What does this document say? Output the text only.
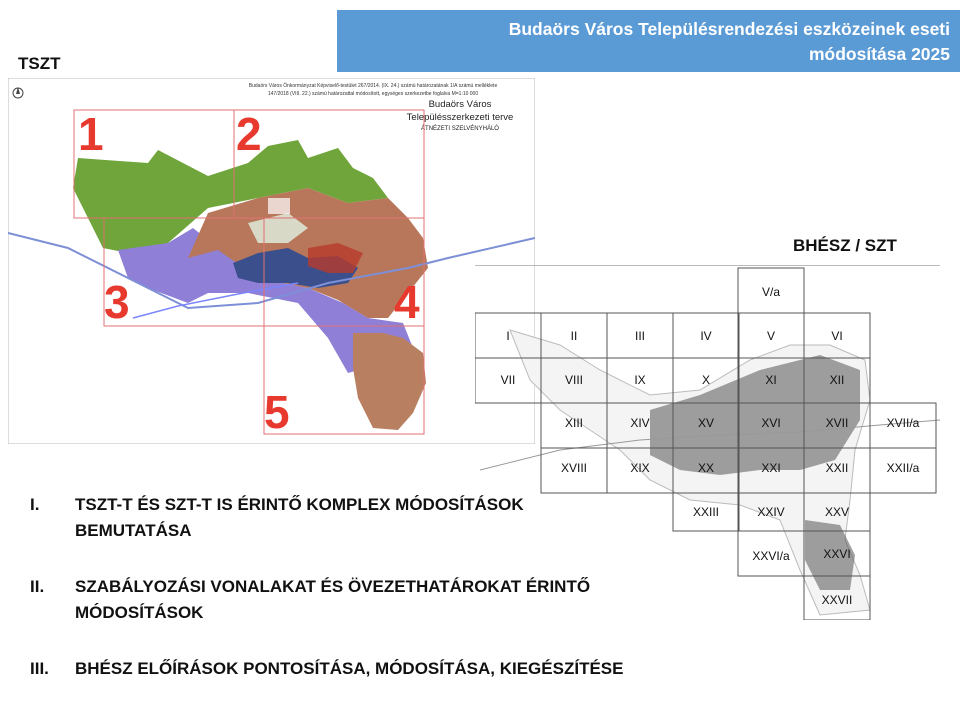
Budaörs Város Településrendezési eszközeinek eseti
módosítása 2025
TSZT
BHÉSZ / SZT
Budaörs Város Önkormányzat Képviselő-testület 267/2014. (IX. 24.) számú határozatának 1/A számú melléklete
147/2018 (VIII. 22.) számú határozattal módosított, egységes szerkezetbe foglalva M=1:10 000
Budaörs Város
Településszerkezeti terve
ÁTNÉZETI SZELVÉNYHÁLÓ
1	2
3	4
5
V/a
I	II	III	IV	V	VI
VII	VIII	IX	X	XI	XII
XIII	XIV	XV	XVI	XVII	XVII/a
XVIII	XIX	XX	XXI	XXII	XXII/a
XXIII	XXIV	XXV
XXVI/a	XXVI
XXVII
I.	TSZT-T ÉS SZT-T IS ÉRINTŐ KOMPLEX MÓDOSÍTÁSOK
BEMUTATÁSA
II.	SZABÁLYOZÁSI VONALAKAT ÉS ÖVEZETHATÁROKAT ÉRINTŐ
MÓDOSÍTÁSOK
III.	BHÉSZ ELŐÍRÁSOK PONTOSÍTÁSA, MÓDOSÍTÁSA, KIEGÉSZÍTÉSE
